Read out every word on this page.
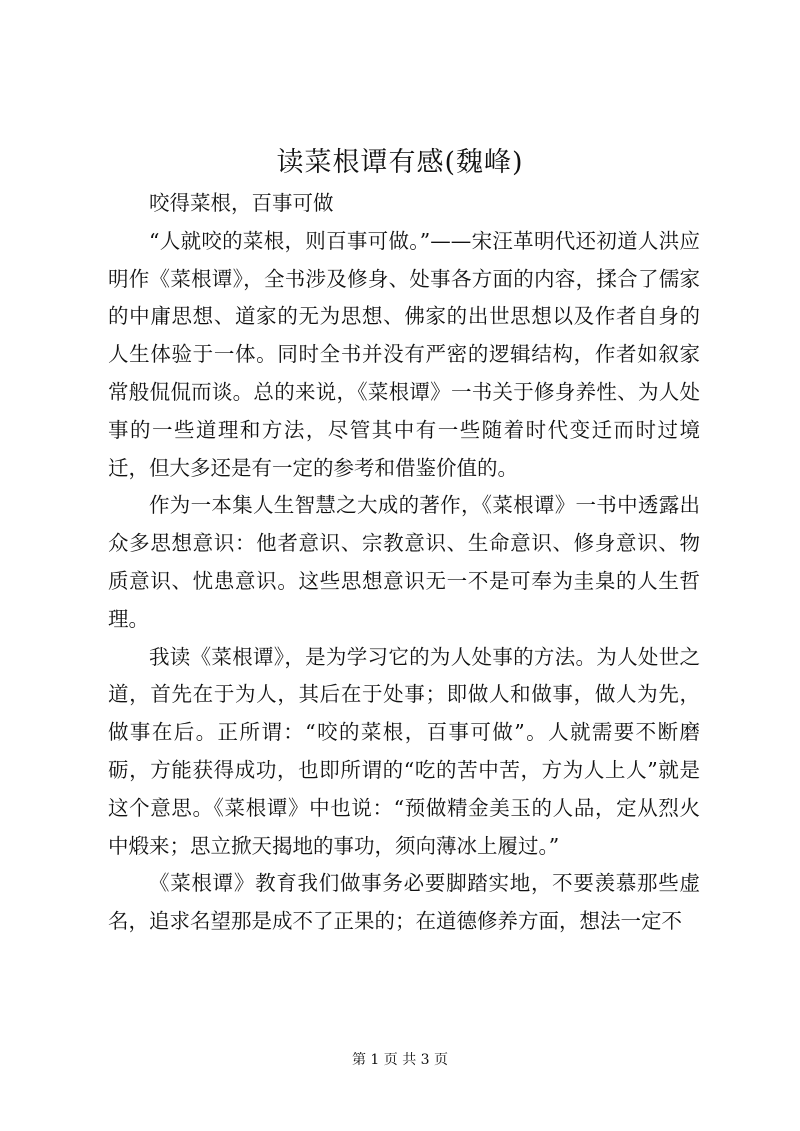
读菜根谭有感(魏峰)

咬得菜根，百事可做

“人就咬的菜根，则百事可做。”——宋汪革明代还初道人洪应明作《菜根谭》，全书涉及修身、处事各方面的内容，揉合了儒家的中庸思想、道家的无为思想、佛家的出世思想以及作者自身的人生体验于一体。同时全书并没有严密的逻辑结构，作者如叙家常般侃侃而谈。总的来说，《菜根谭》一书关于修身养性、为人处事的一些道理和方法，尽管其中有一些随着时代变迁而时过境迁，但大多还是有一定的参考和借鉴价值的。

作为一本集人生智慧之大成的著作，《菜根谭》一书中透露出众多思想意识：他者意识、宗教意识、生命意识、修身意识、物质意识、忧患意识。这些思想意识无一不是可奉为圭臬的人生哲理。

我读《菜根谭》，是为学习它的为人处事的方法。为人处世之道，首先在于为人，其后在于处事；即做人和做事，做人为先，做事在后。正所谓：“咬的菜根，百事可做”。人就需要不断磨砺，方能获得成功，也即所谓的“吃的苦中苦，方为人上人”就是这个意思。《菜根谭》中也说：“预做精金美玉的人品，定从烈火中煅来；思立掀天揭地的事功，须向薄冰上履过。”

《菜根谭》教育我们做事务必要脚踏实地，不要羡慕那些虚名，追求名望那是成不了正果的；在道德修养方面，想法一定不

第 1 页 共 3 页
